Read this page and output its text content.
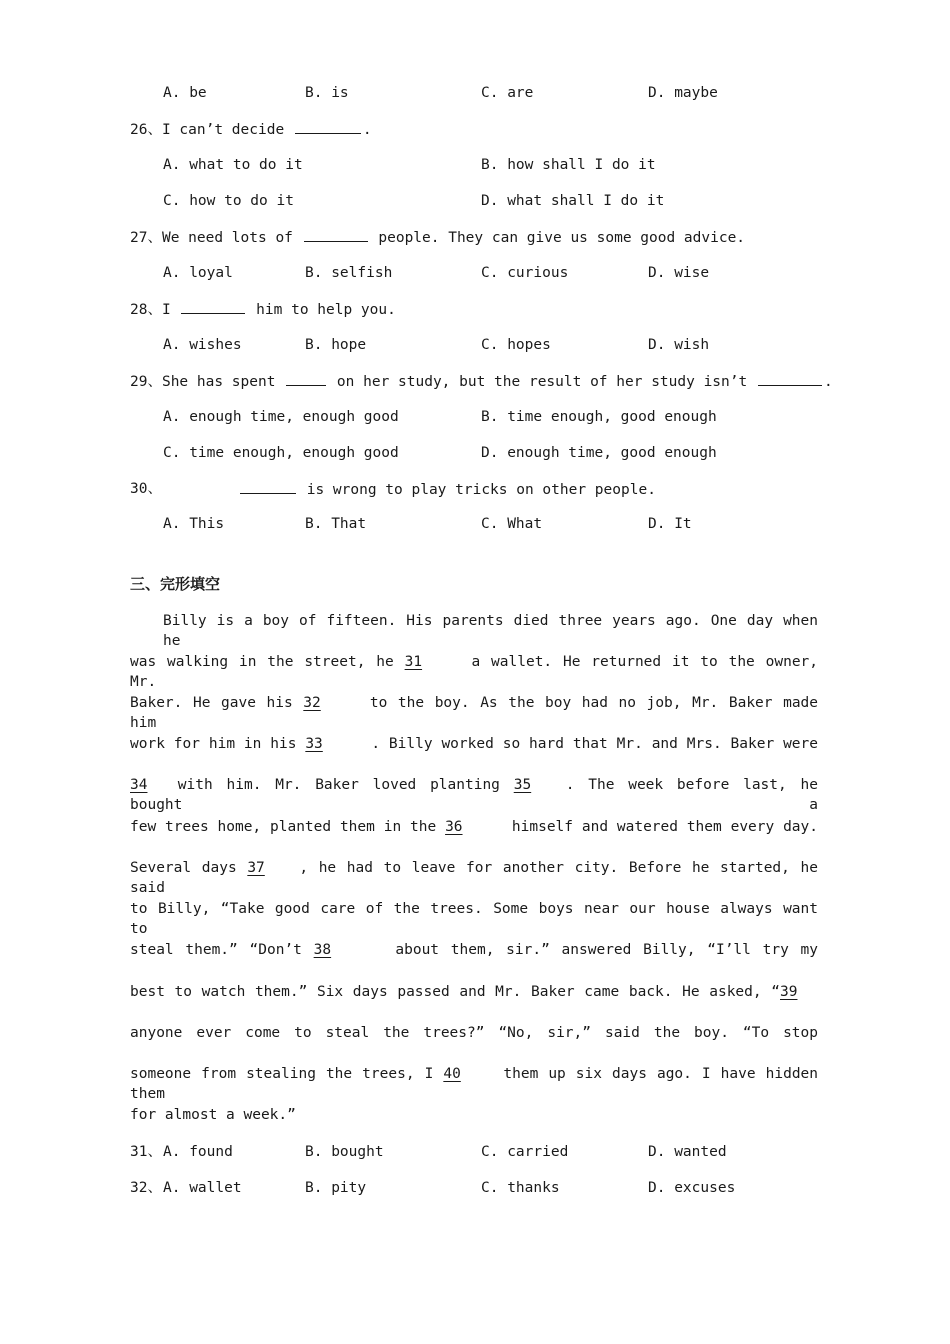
A. be	B. is	C. are	D. maybe
26、I can’t decide	.
A. what to do it	B. how shall I do it
C. how to do it	D. what shall I do it
27、We need lots of	people. They can give us some good advice.
A. loyal	B. selfish	C. curious	D. wise
28、I	him to help you.
A. wishes	B. hope	C. hopes	D. wish
29、She has spent	on her study, but the result of her study isn’t	.
A. enough time, enough good	B. time enough, good enough
C. time enough, enough good	D. enough time, good enough
30、	is wrong to play tricks on other people.
A. This	B. That	C. What	D. It
三、完形填空
Billy is a boy of fifteen. His parents died three years ago. One day when he
was walking in the street, he 31	a wallet. He returned it to the owner, Mr.
Baker. He gave his 32	to the boy. As the boy had no job, Mr. Baker made him
work for him in his 33	. Billy worked so hard that Mr. and Mrs. Baker were
34 with him. Mr. Baker loved planting 35 . The week before last, he bought a
few trees home, planted them in the 36	himself and watered them every day.
Several days 37 , he had to leave for another city. Before he started, he said
to Billy, “Take good care of the trees. Some boys near our house always want to
steal them.” “Don’t 38	about them, sir.” answered Billy, “I’ll try my
best to watch them.” Six days passed and Mr. Baker came back. He asked, “39
anyone ever come to steal the trees?” “No, sir,” said the boy. “To stop
someone from stealing the trees, I 40	them up six days ago. I have hidden them
for almost a week.”
31、 A. found	B. bought	C. carried	D. wanted
32、 A. wallet	B. pity	C. thanks	D. excuses
